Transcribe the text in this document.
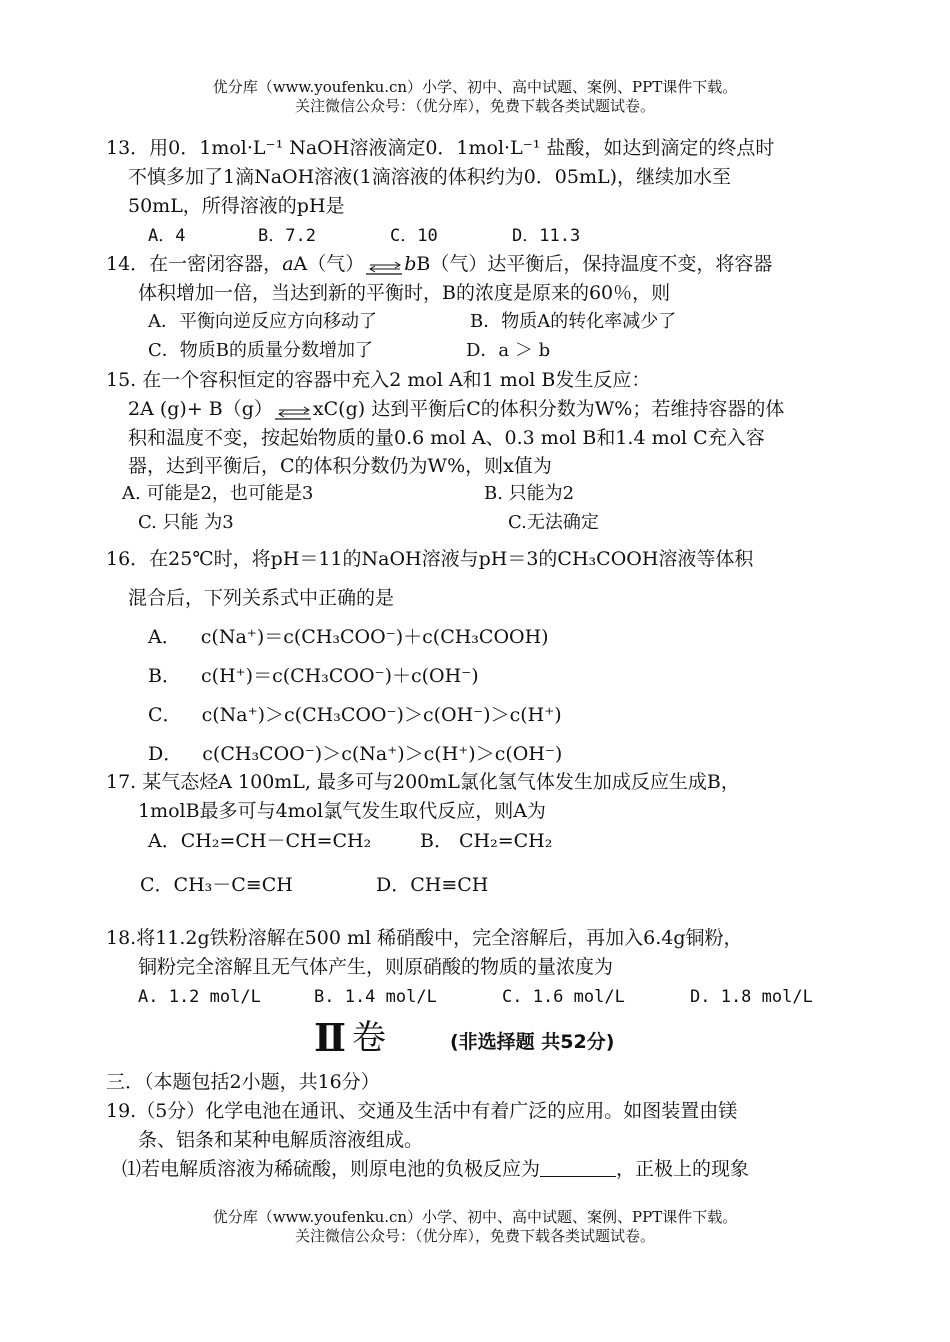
优分库（www.youfenku.cn）小学、初中、高中试题、案例、PPT课件下载。
关注微信公众号：（优分库），免费下载各类试题试卷。
13．用0．1mol·L⁻¹ NaOH溶液滴定0．1mol·L⁻¹ 盐酸，如达到滴定的终点时
不慎多加了1滴NaOH溶液(1滴溶液的体积约为0．05mL)，继续加水至
50mL，所得溶液的pH是
A．4	B．7.2	C．10	D．11.3
14．在一密闭容器，aA（气） bB（气）达平衡后，保持温度不变，将容器
体积增加一倍，当达到新的平衡时，B的浓度是原来的60％，则
A．平衡向逆反应方向移动了	B．物质A的转化率减少了
C．物质B的质量分数增加了	D．a ＞ b
15. 在一个容积恒定的容器中充入2 mol A和1 mol B发生反应：
2A (g)+ B（g） xC(g) 达到平衡后C的体积分数为W%；若维持容器的体
积和温度不变，按起始物质的量0.6 mol A、0.3 mol B和1.4 mol C充入容
器，达到平衡后，C的体积分数仍为W%，则x值为
A. 可能是2，也可能是3	B. 只能为2
C. 只能 为3	C.无法确定
16．在25℃时，将pH＝11的NaOH溶液与pH＝3的CH₃COOH溶液等体积
混合后，下列关系式中正确的是
A． c(Na⁺)＝c(CH₃COO⁻)＋c(CH₃COOH)
B． c(H⁺)＝c(CH₃COO⁻)＋c(OH⁻)
C． c(Na⁺)＞c(CH₃COO⁻)＞c(OH⁻)＞c(H⁺)
D． c(CH₃COO⁻)＞c(Na⁺)＞c(H⁺)＞c(OH⁻)
17. 某气态烃A 100mL, 最多可与200mL氯化氢气体发生加成反应生成B，
1molB最多可与4mol氯气发生取代反应，则A为
A．CH₂=CH－CH=CH₂	B． CH₂=CH₂
C．CH₃－C≡CH	D．CH≡CH
18.将11.2g铁粉溶解在500 ml 稀硝酸中，完全溶解后，再加入6.4g铜粉，
铜粉完全溶解且无气体产生，则原硝酸的物质的量浓度为
A. 1.2 mol/L	B. 1.4 mol/L	C. 1.6 mol/L	D. 1.8 mol/L
Ⅱ 卷	(非选择题 共52分)
三．（本题包括2小题，共16分）
19.（5分）化学电池在通讯、交通及生活中有着广泛的应用。如图装置由镁
条、铝条和某种电解质溶液组成。
⑴若电解质溶液为稀硫酸，则原电池的负极反应为	，正极上的现象
优分库（www.youfenku.cn）小学、初中、高中试题、案例、PPT课件下载。
关注微信公众号：（优分库），免费下载各类试题试卷。
